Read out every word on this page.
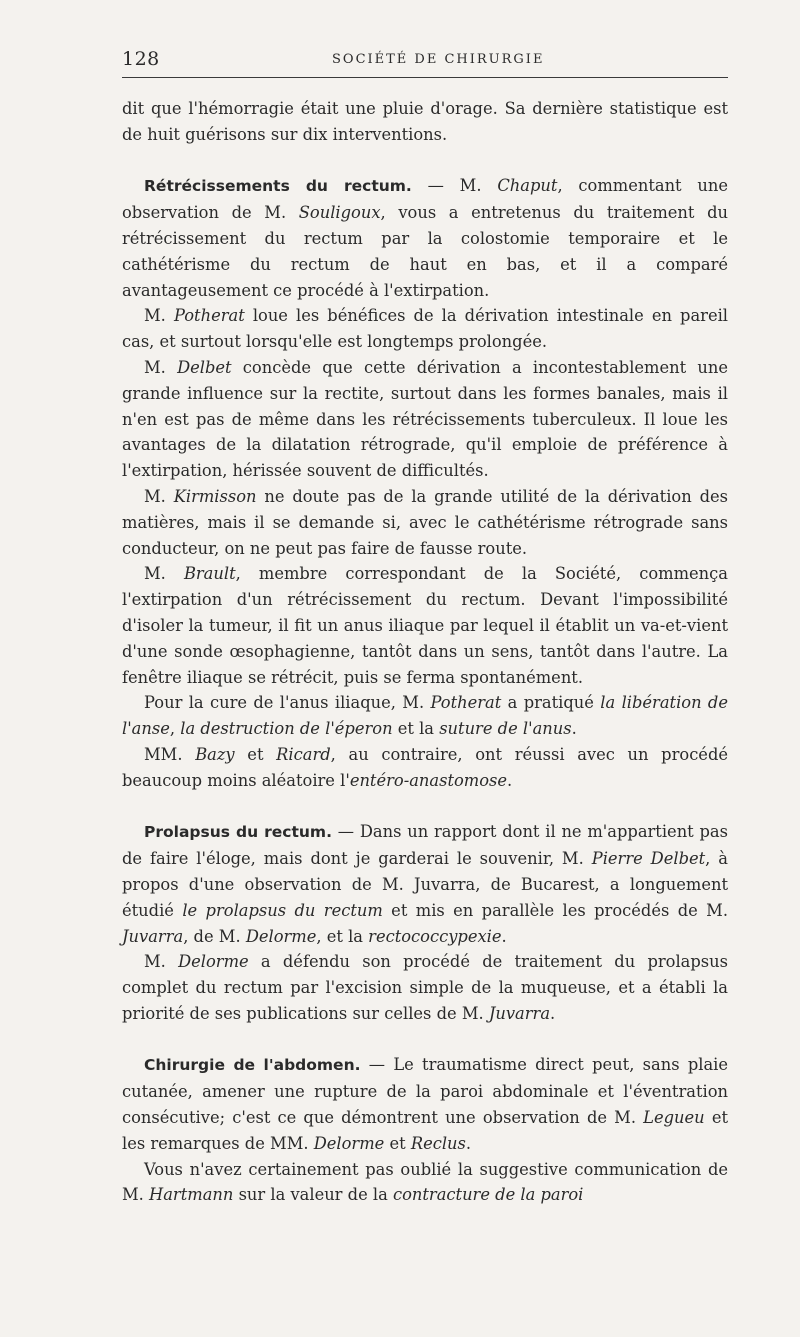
128	SOCIÉTÉ DE CHIRURGIE

dit que l'hémorragie était une pluie d'orage. Sa dernière statistique est de huit guérisons sur dix interventions.

Rétrécissements du rectum. — M. Chaput, commentant une observation de M. Souligoux, vous a entretenus du traitement du rétrécissement du rectum par la colostomie temporaire et le cathétérisme du rectum de haut en bas, et il a comparé avantageusement ce procédé à l'extirpation.

M. Potherat loue les bénéfices de la dérivation intestinale en pareil cas, et surtout lorsqu'elle est longtemps prolongée.

M. Delbet concède que cette dérivation a incontestablement une grande influence sur la rectite, surtout dans les formes banales, mais il n'en est pas de même dans les rétrécissements tuberculeux. Il loue les avantages de la dilatation rétrograde, qu'il emploie de préférence à l'extirpation, hérissée souvent de difficultés.

M. Kirmisson ne doute pas de la grande utilité de la dérivation des matières, mais il se demande si, avec le cathétérisme rétrograde sans conducteur, on ne peut pas faire de fausse route.

M. Brault, membre correspondant de la Société, commença l'extirpation d'un rétrécissement du rectum. Devant l'impossibilité d'isoler la tumeur, il fit un anus iliaque par lequel il établit un va-et-vient d'une sonde œsophagienne, tantôt dans un sens, tantôt dans l'autre. La fenêtre iliaque se rétrécit, puis se ferma spontanément.

Pour la cure de l'anus iliaque, M. Potherat a pratiqué la libération de l'anse, la destruction de l'éperon et la suture de l'anus.

MM. Bazy et Ricard, au contraire, ont réussi avec un procédé beaucoup moins aléatoire l'entéro-anastomose.

Prolapsus du rectum. — Dans un rapport dont il ne m'appartient pas de faire l'éloge, mais dont je garderai le souvenir, M. Pierre Delbet, à propos d'une observation de M. Juvarra, de Bucarest, a longuement étudié le prolapsus du rectum et mis en parallèle les procédés de M. Juvarra, de M. Delorme, et la rectococcypexie.

M. Delorme a défendu son procédé de traitement du prolapsus complet du rectum par l'excision simple de la muqueuse, et a établi la priorité de ses publications sur celles de M. Juvarra.

Chirurgie de l'abdomen. — Le traumatisme direct peut, sans plaie cutanée, amener une rupture de la paroi abdominale et l'éventration consécutive; c'est ce que démontrent une observation de M. Legueu et les remarques de MM. Delorme et Reclus.

Vous n'avez certainement pas oublié la suggestive communication de M. Hartmann sur la valeur de la contracture de la paroi
